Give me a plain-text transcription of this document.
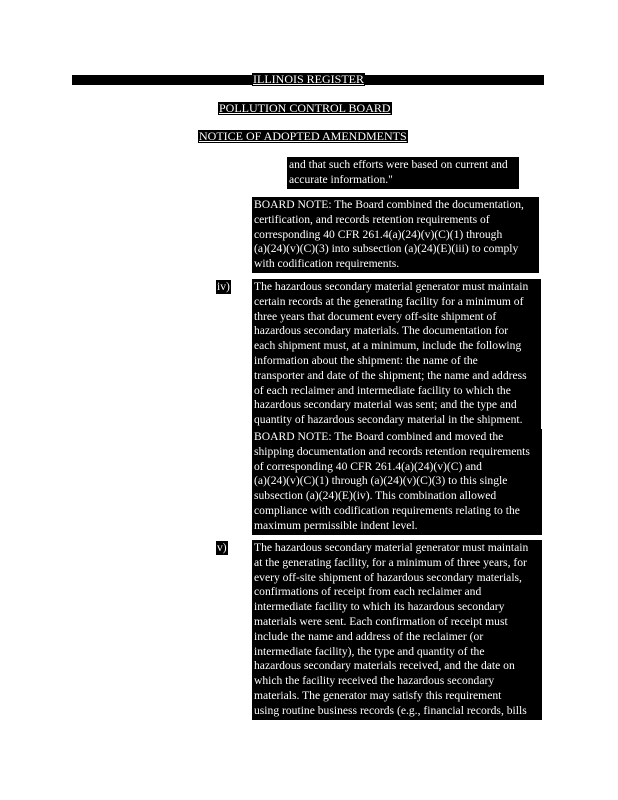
ILLINOIS REGISTER
POLLUTION CONTROL BOARD
NOTICE OF ADOPTED AMENDMENTS
and that such efforts were based on current and
accurate information."
BOARD NOTE: The Board combined the documentation,
certification, and records retention requirements of
corresponding 40 CFR 261.4(a)(24)(v)(C)(1) through
(a)(24)(v)(C)(3) into subsection (a)(24)(E)(iii) to comply
with codification requirements.
iv) The hazardous secondary material generator must maintain
certain records at the generating facility for a minimum of
three years that document every off-site shipment of
hazardous secondary materials. The documentation for
each shipment must, at a minimum, include the following
information about the shipment: the name of the
transporter and date of the shipment; the name and address
of each reclaimer and intermediate facility to which the
hazardous secondary material was sent; and the type and
quantity of hazardous secondary material in the shipment.
BOARD NOTE: The Board combined and moved the
shipping documentation and records retention requirements
of corresponding 40 CFR 261.4(a)(24)(v)(C) and
(a)(24)(v)(C)(1) through (a)(24)(v)(C)(3) to this single
subsection (a)(24)(E)(iv). This combination allowed
compliance with codification requirements relating to the
maximum permissible indent level.
v) The hazardous secondary material generator must maintain
at the generating facility, for a minimum of three years, for
every off-site shipment of hazardous secondary materials,
confirmations of receipt from each reclaimer and
intermediate facility to which its hazardous secondary
materials were sent. Each confirmation of receipt must
include the name and address of the reclaimer (or
intermediate facility), the type and quantity of the
hazardous secondary materials received, and the date on
which the facility received the hazardous secondary
materials. The generator may satisfy this requirement
using routine business records (e.g., financial records, bills
